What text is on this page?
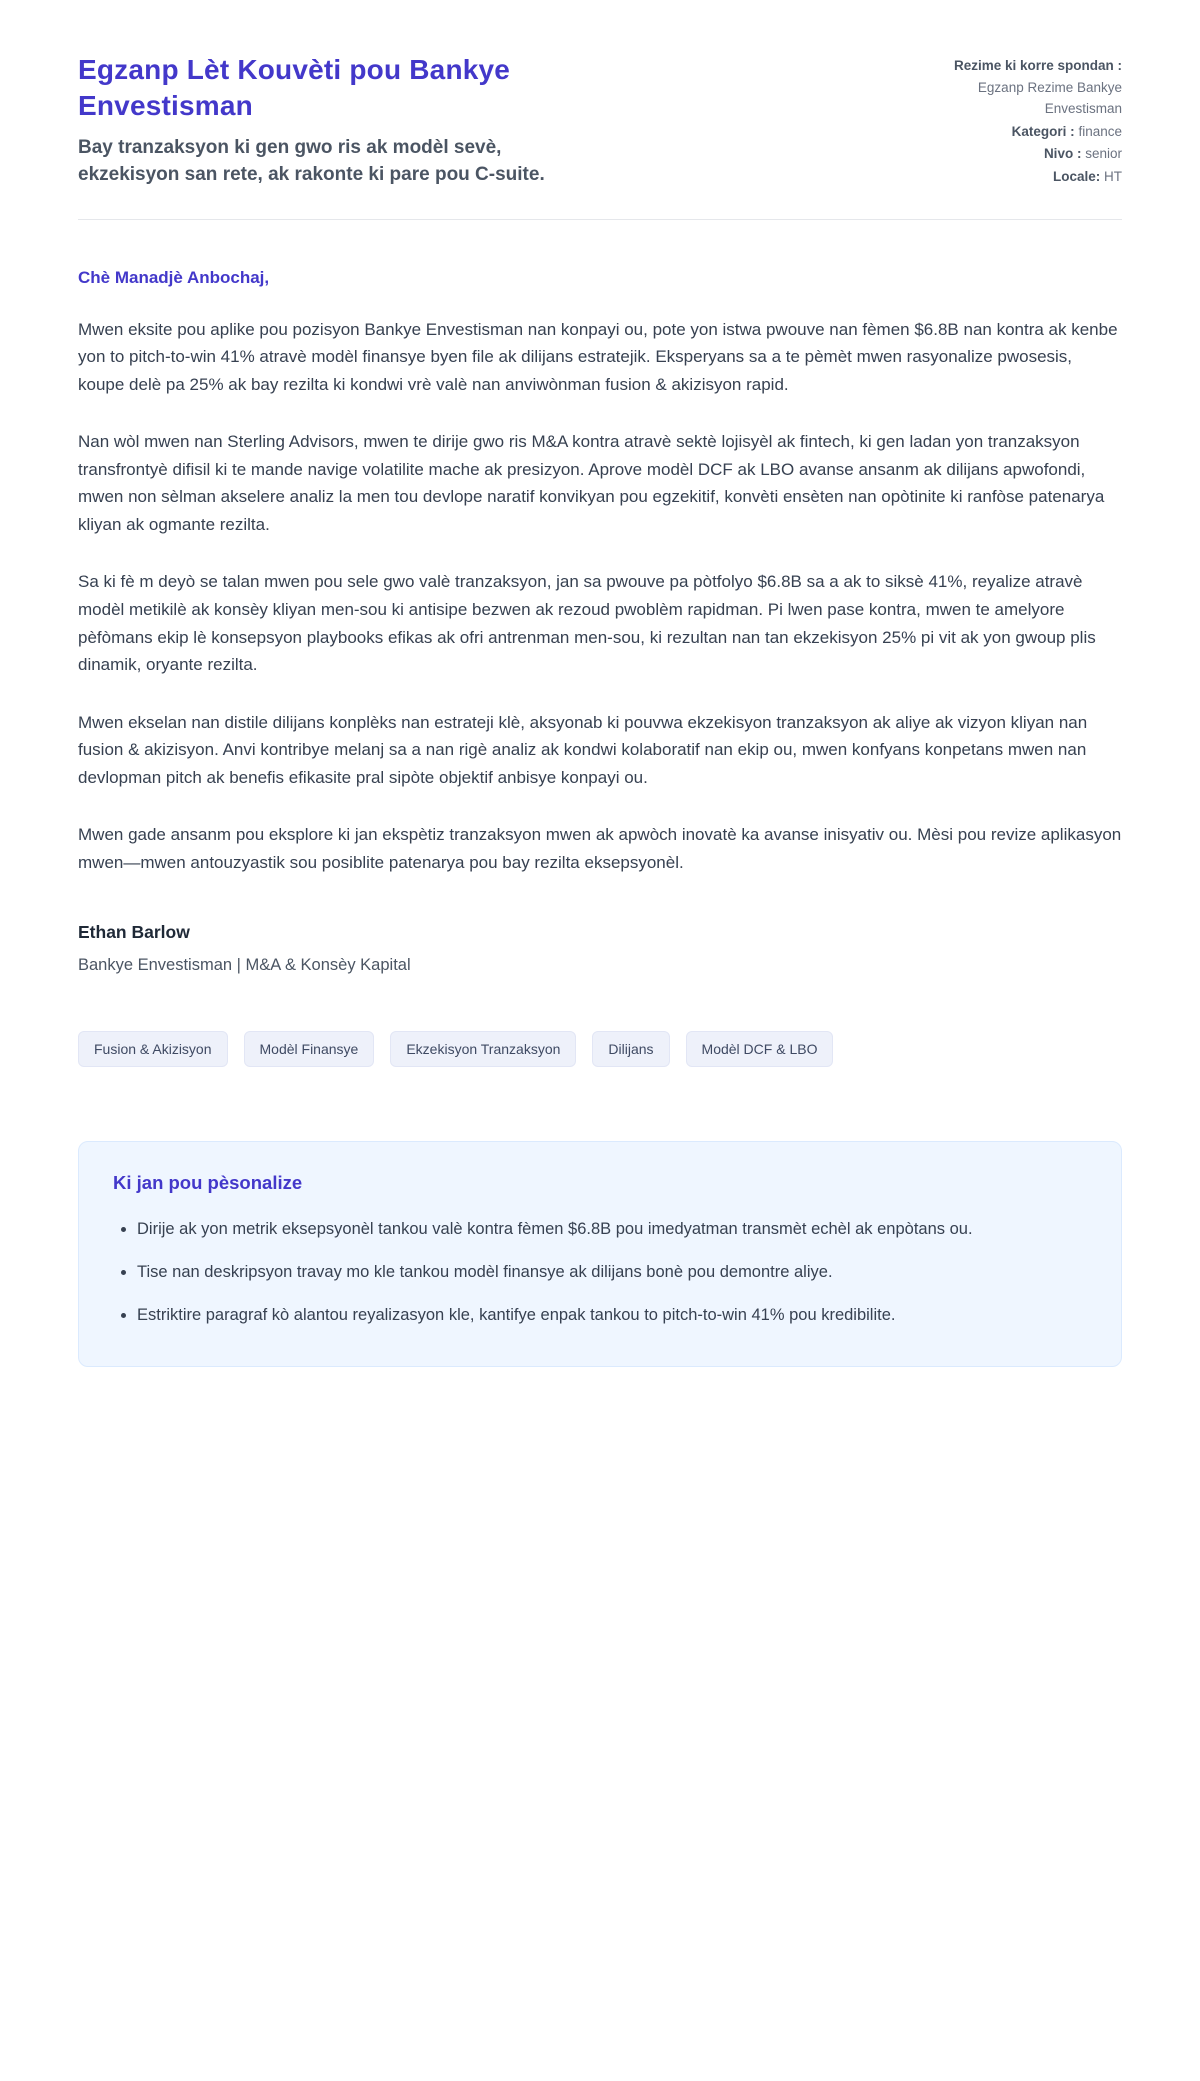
Egzanp Lèt Kouvèti pou Bankye Envestisman

Bay tranzaksyon ki gen gwo ris ak modèl sevè, ekzekisyon san rete, ak rakonte ki pare pou C-suite.

Rezime ki korre spondan : Egzanp Rezime Bankye Envestisman
Kategori : finance
Nivo : senior
Locale: HT

Chè Manadjè Anbochaj,

Mwen eksite pou aplike pou pozisyon Bankye Envestisman nan konpayi ou, pote yon istwa pwouve nan fèmen $6.8B nan kontra ak kenbe yon to pitch-to-win 41% atravè modèl finansye byen file ak dilijans estratejik. Eksperyans sa a te pèmèt mwen rasyonalize pwosesis, koupe delè pa 25% ak bay rezilta ki kondwi vrè valè nan anviwònman fusion & akizisyon rapid.

Nan wòl mwen nan Sterling Advisors, mwen te dirije gwo ris M&A kontra atravè sektè lojisyèl ak fintech, ki gen ladan yon tranzaksyon transfrontyè difisil ki te mande navige volatilite mache ak presizyon. Aprove modèl DCF ak LBO avanse ansanm ak dilijans apwofondi, mwen non sèlman akselere analiz la men tou devlope naratif konvikyan pou egzekitif, konvèti ensèten nan opòtinite ki ranfòse patenarya kliyan ak ogmante rezilta.

Sa ki fè m deyò se talan mwen pou sele gwo valè tranzaksyon, jan sa pwouve pa pòtfolyo $6.8B sa a ak to siksè 41%, reyalize atravè modèl metikilè ak konsèy kliyan men-sou ki antisipe bezwen ak rezoud pwoblèm rapidman. Pi lwen pase kontra, mwen te amelyore pèfòmans ekip lè konsepsyon playbooks efikas ak ofri antrenman men-sou, ki rezultan nan tan ekzekisyon 25% pi vit ak yon gwoup plis dinamik, oryante rezilta.

Mwen ekselan nan distile dilijans konplèks nan estrateji klè, aksyonab ki pouvwa ekzekisyon tranzaksyon ak aliye ak vizyon kliyan nan fusion & akizisyon. Anvi kontribye melanj sa a nan rigè analiz ak kondwi kolaboratif nan ekip ou, mwen konfyans konpetans mwen nan devlopman pitch ak benefis efikasite pral sipòte objektif anbisye konpayi ou.

Mwen gade ansanm pou eksplore ki jan ekspètiz tranzaksyon mwen ak apwòch inovatè ka avanse inisyativ ou. Mèsi pou revize aplikasyon mwen—mwen antouzyastik sou posiblite patenarya pou bay rezilta eksepsyonèl.

Ethan Barlow

Bankye Envestisman | M&A & Konsèy Kapital

Fusion & Akizisyon	Modèl Finansye	Ekzekisyon Tranzaksyon	Dilijans	Modèl DCF & LBO
Ki jan pou pèsonalize
• Dirije ak yon metrik eksepsyonèl tankou valè kontra fèmen $6.8B pou imedyatman transmèt echèl ak enpòtans ou.
• Tise nan deskripsyon travay mo kle tankou modèl finansye ak dilijans bonè pou demontre aliye.
• Estriktire paragraf kò alantou reyalizasyon kle, kantifye enpak tankou to pitch-to-win 41% pou kredibilite.
